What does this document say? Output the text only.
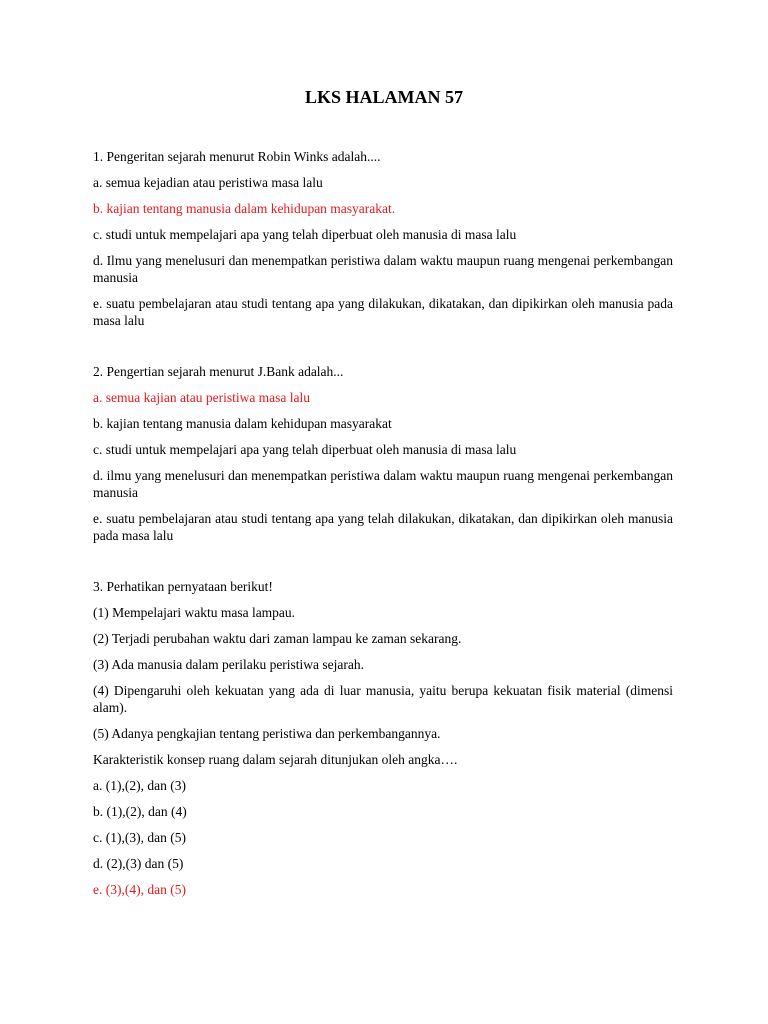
LKS HALAMAN 57

1. Pengeritan sejarah menurut Robin Winks adalah....

a. semua kejadian atau peristiwa masa lalu

b. kajian tentang manusia dalam kehidupan masyarakat.

c. studi untuk mempelajari apa yang telah diperbuat oleh manusia di masa lalu

d. Ilmu yang menelusuri dan menempatkan peristiwa dalam waktu maupun ruang mengenai perkembangan manusia

e. suatu pembelajaran atau studi tentang apa yang dilakukan, dikatakan, dan dipikirkan oleh manusia pada masa lalu

2. Pengertian sejarah menurut J.Bank adalah...

a. semua kajian atau peristiwa masa lalu

b. kajian tentang manusia dalam kehidupan masyarakat

c. studi untuk mempelajari apa yang telah diperbuat oleh manusia di masa lalu

d. ilmu yang menelusuri dan menempatkan peristiwa dalam waktu maupun ruang mengenai perkembangan manusia

e. suatu pembelajaran atau studi tentang apa yang telah dilakukan, dikatakan, dan dipikirkan oleh manusia pada masa lalu

3. Perhatikan pernyataan berikut!

(1) Mempelajari waktu masa lampau.

(2) Terjadi perubahan waktu dari zaman lampau ke zaman sekarang.

(3) Ada manusia dalam perilaku peristiwa sejarah.

(4) Dipengaruhi oleh kekuatan yang ada di luar manusia, yaitu berupa kekuatan fisik material (dimensi alam).

(5) Adanya pengkajian tentang peristiwa dan perkembangannya.

Karakteristik konsep ruang dalam sejarah ditunjukan oleh angka….

a. (1),(2), dan (3)

b. (1),(2), dan (4)

c. (1),(3), dan (5)

d. (2),(3) dan (5)

e. (3),(4), dan (5)
